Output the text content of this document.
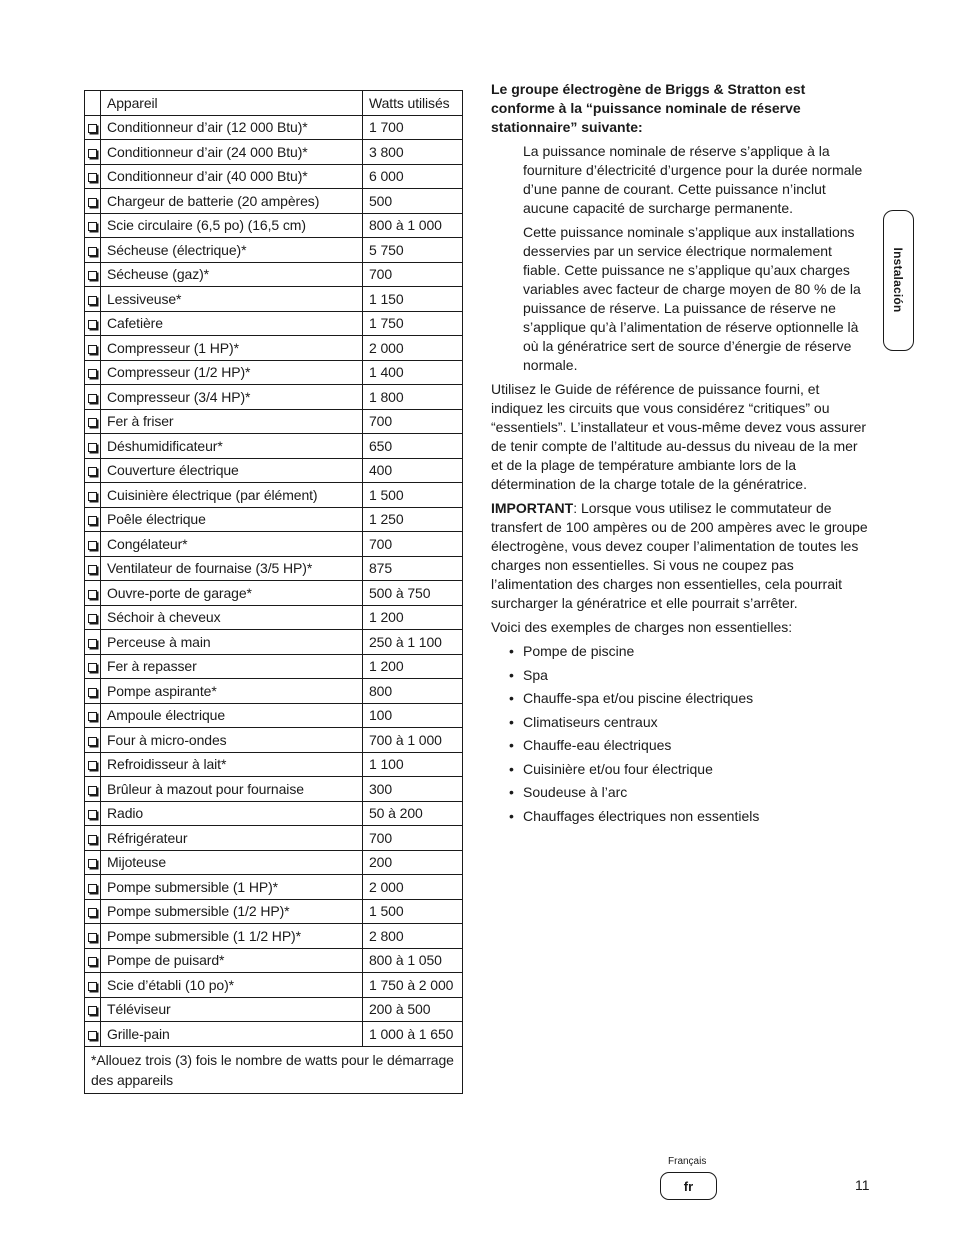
	Appareil	Watts utilisés
	Conditionneur d’air (12 000 Btu)*	1 700
	Conditionneur d’air (24 000 Btu)*	3 800
	Conditionneur d’air (40 000 Btu)*	6 000
	Chargeur de batterie (20 ampères)	500
	Scie circulaire (6,5 po) (16,5 cm)	800 à 1 000
	Sécheuse (électrique)*	5 750
	Sécheuse (gaz)*	700
	Lessiveuse*	1 150
	Cafetière	1 750
	Compresseur (1 HP)*	2 000
	Compresseur (1/2 HP)*	1 400
	Compresseur (3/4 HP)*	1 800
	Fer à friser	700
	Déshumidificateur*	650
	Couverture électrique	400
	Cuisinière électrique (par élément)	1 500
	Poêle électrique	1 250
	Congélateur*	700
	Ventilateur de fournaise (3/5 HP)*	875
	Ouvre-porte de garage*	500 à 750
	Séchoir à cheveux	1 200
	Perceuse à main	250 à 1 100
	Fer à repasser	1 200
	Pompe aspirante*	800
	Ampoule électrique	100
	Four à micro-ondes	700 à 1 000
	Refroidisseur à lait*	1 100
	Brûleur à mazout pour fournaise	300
	Radio	50 à 200
	Réfrigérateur	700
	Mijoteuse	200
	Pompe submersible (1 HP)*	2 000
	Pompe submersible (1/2 HP)*	1 500
	Pompe submersible (1 1/2 HP)*	2 800
	Pompe de puisard*	800 à 1 050
	Scie d’établi (10 po)*	1 750 à 2 000
	Téléviseur	200 à 500
	Grille-pain	1 000 à 1 650
*Allouez trois (3) fois le nombre de watts pour le démarrage des appareils		

Le groupe électrogène de Briggs & Stratton est conforme à la “puissance nominale de réserve stationnaire” suivante:

La puissance nominale de réserve s’applique à la fourniture d’électricité d’urgence pour la durée normale d’une panne de courant. Cette puissance n’inclut aucune capacité de surcharge permanente.

Cette puissance nominale s’applique aux installations desservies par un service électrique normalement fiable. Cette puissance ne s’applique qu’aux charges variables avec facteur de charge moyen de 80 % de la puissance de réserve. La puissance de réserve ne s’applique qu’à l’alimentation de réserve optionnelle là où la génératrice sert de source d’énergie de réserve normale.

Utilisez le Guide de référence de puissance fourni, et indiquez les circuits que vous considérez “critiques” ou “essentiels”. L’installateur et vous-même devez vous assurer de tenir compte de l’altitude au-dessus du niveau de la mer et de la plage de température ambiante lors de la détermination de la charge totale de la génératrice.

IMPORTANT: Lorsque vous utilisez le commutateur de transfert de 100 ampères ou de 200 ampères avec le groupe électrogène, vous devez couper l’alimentation de toutes les charges non essentielles. Si vous ne coupez pas l’alimentation des charges non essentielles, cela pourrait surcharger la génératrice et elle pourrait s’arrêter.

Voici des exemples de charges non essentielles:

• Pompe de piscine
• Spa
• Chauffe-spa et/ou piscine électriques
• Climatiseurs centraux
• Chauffe-eau électriques
• Cuisinière et/ou four électrique
• Soudeuse à l’arc
• Chauffages électriques non essentiels
Instalación
Français
fr	11
